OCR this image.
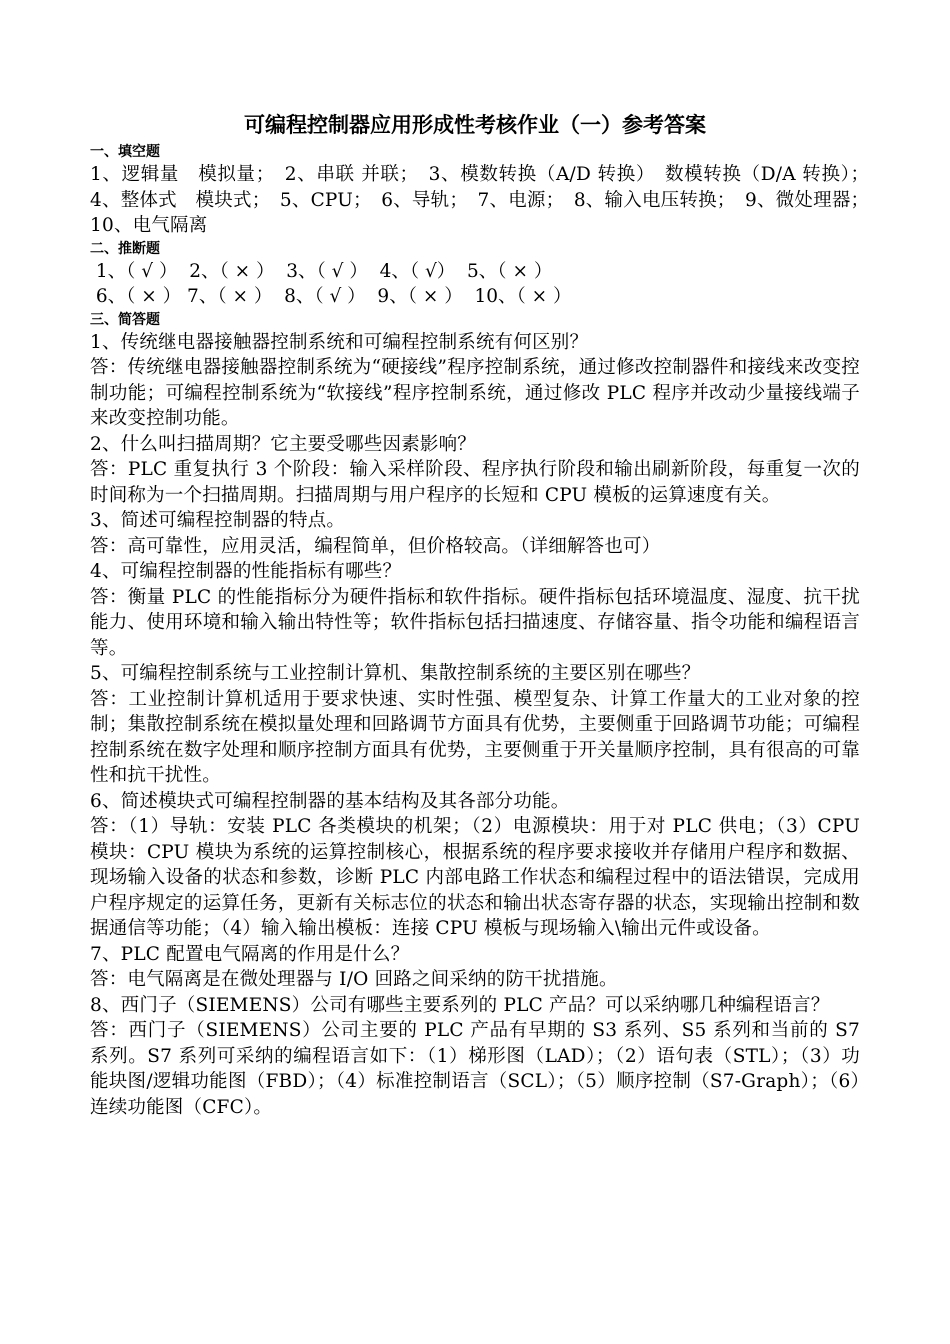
可编程控制器应用形成性考核作业（一）参考答案
一、填空题

1、逻辑量　模拟量；　2、串联 并联；　3、模数转换（A/D 转换）　数模转换（D/A 转换）；　4、整体式　模块式；　5、CPU；　6、导轨；　7、电源；　8、输入电压转换；　9、微处理器；　10、电气隔离

二、推断题

1、（ √ ）  2、（ × ）  3、（ √ ）  4、（ √）  5、（ × ）

6、（ × ） 7、（ × ）  8、（ √ ）  9、（ × ）  10、（ × ）

三、简答题

1、传统继电器接触器控制系统和可编程控制系统有何区别？

答：传统继电器接触器控制系统为“硬接线”程序控制系统，通过修改控制器件和接线来改变控制功能；可编程控制系统为“软接线”程序控制系统，通过修改 PLC 程序并改动少量接线端子来改变控制功能。

2、什么叫扫描周期？它主要受哪些因素影响？

答：PLC 重复执行 3 个阶段：输入采样阶段、程序执行阶段和输出刷新阶段，每重复一次的时间称为一个扫描周期。扫描周期与用户程序的长短和 CPU 模板的运算速度有关。

3、简述可编程控制器的特点。

答：高可靠性，应用灵活，编程简单，但价格较高。（详细解答也可）

4、可编程控制器的性能指标有哪些？

答：衡量 PLC 的性能指标分为硬件指标和软件指标。硬件指标包括环境温度、湿度、抗干扰能力、使用环境和输入输出特性等；软件指标包括扫描速度、存储容量、指令功能和编程语言等。

5、可编程控制系统与工业控制计算机、集散控制系统的主要区别在哪些？

答：工业控制计算机适用于要求快速、实时性强、模型复杂、计算工作量大的工业对象的控制；集散控制系统在模拟量处理和回路调节方面具有优势，主要侧重于回路调节功能；可编程控制系统在数字处理和顺序控制方面具有优势，主要侧重于开关量顺序控制，具有很高的可靠性和抗干扰性。

6、简述模块式可编程控制器的基本结构及其各部分功能。

答：（1）导轨：安装 PLC 各类模块的机架；（2）电源模块：用于对 PLC 供电；（3）CPU 模块：CPU 模块为系统的运算控制核心，根据系统的程序要求接收并存储用户程序和数据、现场输入设备的状态和参数，诊断 PLC 内部电路工作状态和编程过程中的语法错误，完成用户程序规定的运算任务，更新有关标志位的状态和输出状态寄存器的状态，实现输出控制和数据通信等功能；（4）输入输出模板：连接 CPU 模板与现场输入\输出元件或设备。

7、PLC 配置电气隔离的作用是什么？

答：电气隔离是在微处理器与 I/O 回路之间采纳的防干扰措施。

8、西门子（SIEMENS）公司有哪些主要系列的 PLC 产品？可以采纳哪几种编程语言？

答：西门子（SIEMENS）公司主要的 PLC 产品有早期的 S3 系列、S5 系列和当前的 S7 系列。S7 系列可采纳的编程语言如下：（1）梯形图（LAD）；（2）语句表（STL）；（3）功能块图/逻辑功能图（FBD）；（4）标准控制语言（SCL）；（5）顺序控制（S7-Graph）；（6）连续功能图（CFC）。
